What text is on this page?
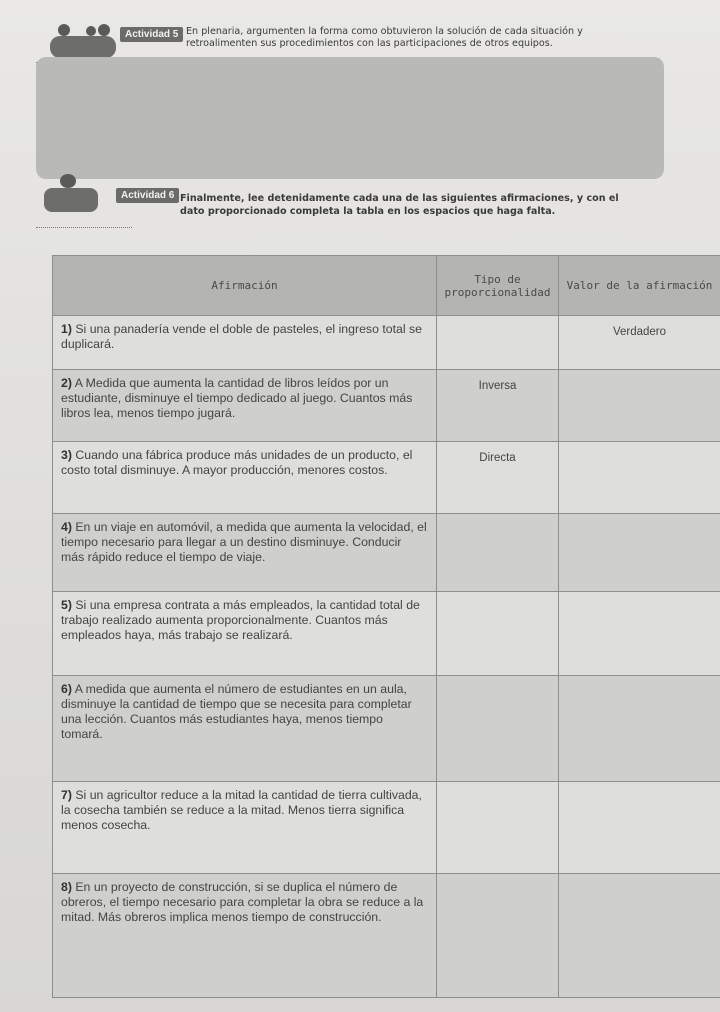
Actividad 5 En plenaria, argumenten la forma como obtuvieron la solución de cada situación y
retroalimenten sus procedimientos con las participaciones de otros equipos.
Actividad 6 Finalmente, lee detenidamente cada una de las siguientes afirmaciones, y con el
dato proporcionado completa la tabla en los espacios que haga falta.
Afirmación	Tipo de proporcionalidad	Valor de la afirmación
1) Si una panadería vende el doble de pasteles, el ingreso total se duplicará.		Verdadero
2) A Medida que aumenta la cantidad de libros leídos por un estudiante, disminuye el tiempo dedicado al juego. Cuantos más libros lea, menos tiempo jugará.	Inversa	
3) Cuando una fábrica produce más unidades de un producto, el costo total disminuye. A mayor producción, menores costos.	Directa	
4) En un viaje en automóvil, a medida que aumenta la velocidad, el tiempo necesario para llegar a un destino disminuye. Conducir más rápido reduce el tiempo de viaje.		
5) Si una empresa contrata a más empleados, la cantidad total de trabajo realizado aumenta proporcionalmente. Cuantos más empleados haya, más trabajo se realizará.		
6) A medida que aumenta el número de estudiantes en un aula, disminuye la cantidad de tiempo que se necesita para completar una lección. Cuantos más estudiantes haya, menos tiempo tomará.		
7) Si un agricultor reduce a la mitad la cantidad de tierra cultivada, la cosecha también se reduce a la mitad. Menos tierra significa menos cosecha.		
8) En un proyecto de construcción, si se duplica el número de obreros, el tiempo necesario para completar la obra se reduce a la mitad. Más obreros implica menos tiempo de construcción.		
